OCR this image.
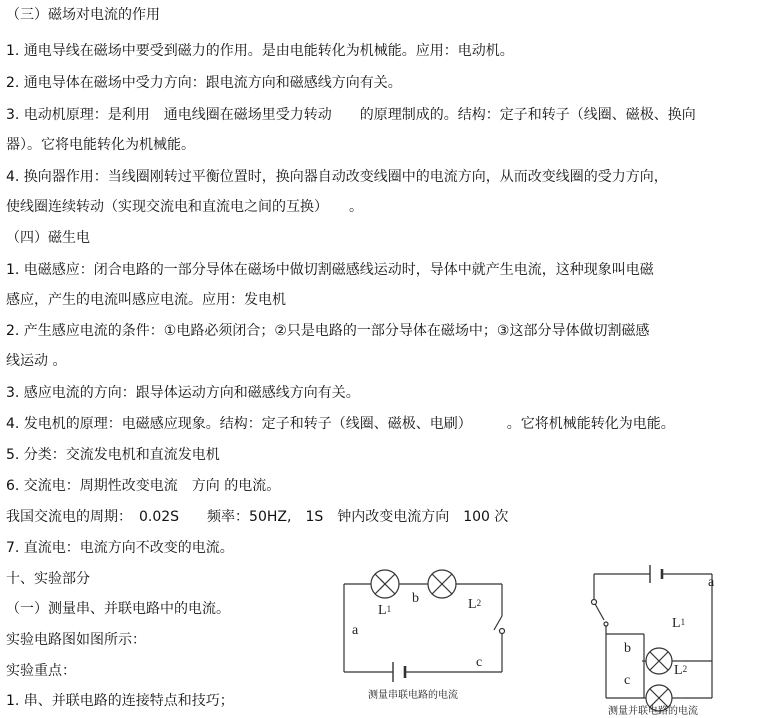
（三）磁场对电流的作用
1. 通电导线在磁场中要受到磁力的作用。是由电能转化为机械能。应用：电动机。
2. 通电导体在磁场中受力方向：跟电流方向和磁感线方向有关。
3. 电动机原理：是利用　通电线圈在磁场里受力转动　　的原理制成的。结构：定子和转子（线圈、磁极、换向
器）。它将电能转化为机械能。
4. 换向器作用：当线圈刚转过平衡位置时，换向器自动改变线圈中的电流方向，从而改变线圈的受力方向，
使线圈连续转动（实现交流电和直流电之间的互换）　　。
（四）磁生电
1. 电磁感应：闭合电路的一部分导体在磁场中做切割磁感线运动时，导体中就产生电流，这种现象叫电磁
感应，产生的电流叫感应电流。应用：发电机
2. 产生感应电流的条件：①电路必须闭合；②只是电路的一部分导体在磁场中；③这部分导体做切割磁感
线运动 。
3. 感应电流的方向：跟导体运动方向和磁感线方向有关。
4. 发电机的原理：电磁感应现象。结构：定子和转子（线圈、磁极、电刷）　　　。它将机械能转化为电能。
5. 分类：交流发电机和直流发电机
6. 交流电：周期性改变电流　方向 的电流。
我国交流电的周期：　0.02S　　频率：50HZ,　1S　钟内改变电流方向　100 次
7. 直流电：电流方向不改变的电流。
十、实验部分
（一）测量串、并联电路中的电流。
实验电路图如图所示：
实验重点：
1. 串、并联电路的连接特点和技巧；
L1	L2
a
b
c
测量串联电路的电流
L1
L2
a
b
c
测量并联电路的电流
